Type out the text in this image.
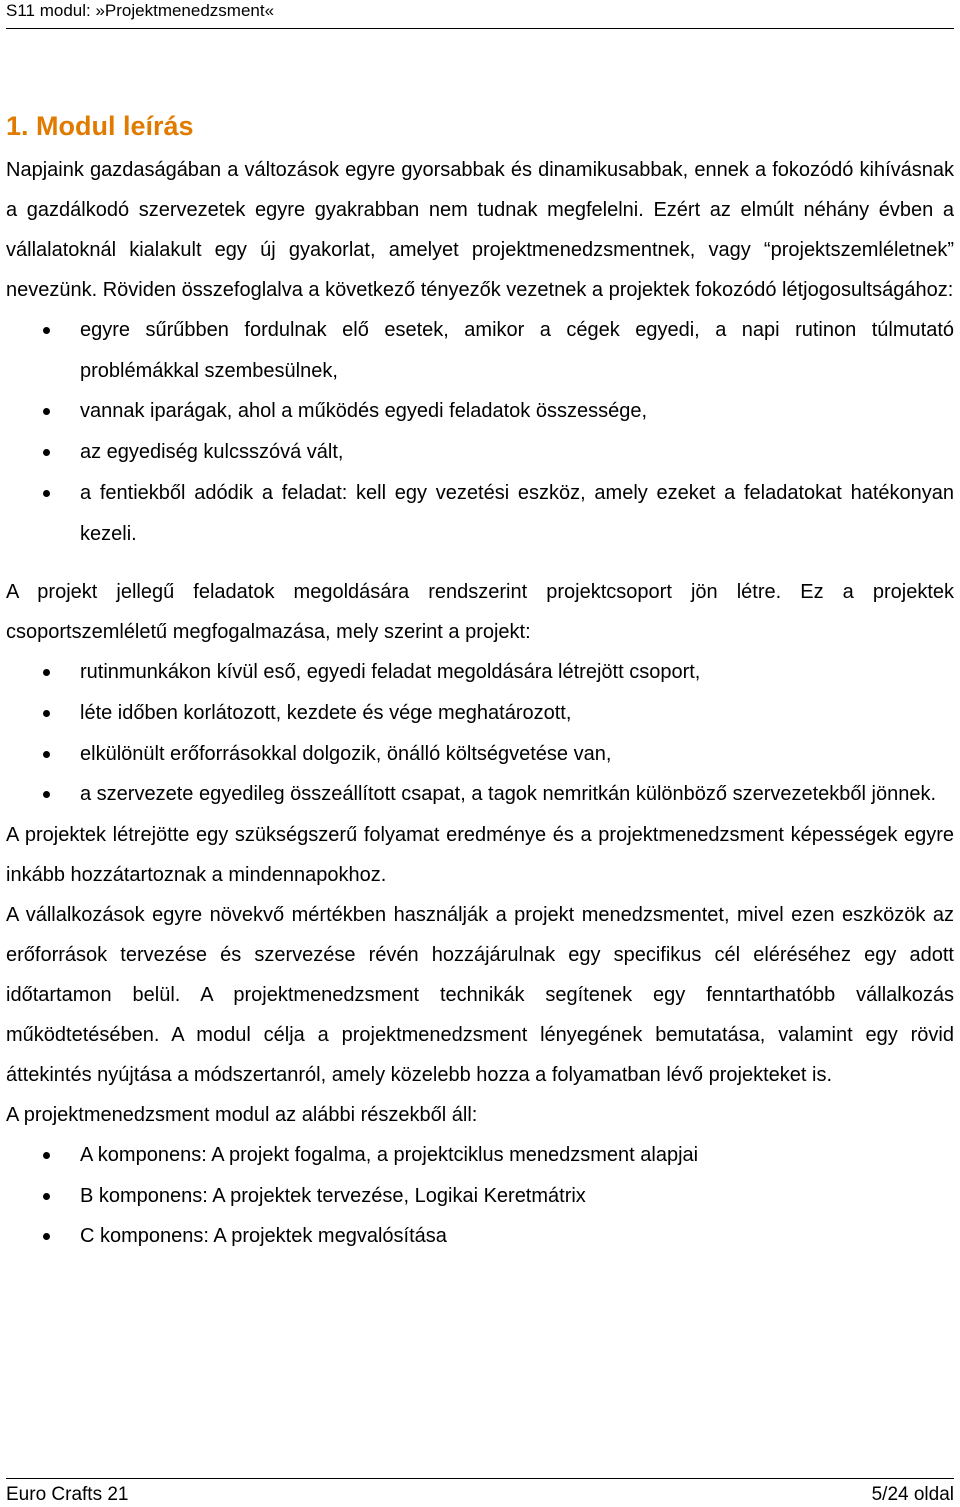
S11 modul: »Projektmenedzsment«
1. Modul leírás

Napjaink gazdaságában a változások egyre gyorsabbak és dinamikusabbak, ennek a fokozódó kihívásnak a gazdálkodó szervezetek egyre gyakrabban nem tudnak megfelelni. Ezért az elmúlt néhány évben a vállalatoknál kialakult egy új gyakorlat, amelyet projektmenedzsmentnek, vagy “projektszemléletnek” nevezünk. Röviden összefoglalva a következő tényezők vezetnek a projektek fokozódó létjogosultságához:

egyre sűrűbben fordulnak elő esetek, amikor a cégek egyedi, a napi rutinon túlmutató problémákkal szembesülnek,
vannak iparágak, ahol a működés egyedi feladatok összessége,
az egyediség kulcsszóvá vált,
a fentiekből adódik a feladat: kell egy vezetési eszköz, amely ezeket a feladatokat hatékonyan kezeli.

A projekt jellegű feladatok megoldására rendszerint projektcsoport jön létre. Ez a projektek csoportszemléletű megfogalmazása, mely szerint a projekt:

rutinmunkákon kívül eső, egyedi feladat megoldására létrejött csoport,
léte időben korlátozott, kezdete és vége meghatározott,
elkülönült erőforrásokkal dolgozik, önálló költségvetése van,
a szervezete egyedileg összeállított csapat, a tagok nemritkán különböző szervezetekből jönnek.

A projektek létrejötte egy szükségszerű folyamat eredménye és a projektmenedzsment képességek egyre inkább hozzátartoznak a mindennapokhoz.

A vállalkozások egyre növekvő mértékben használják a projekt menedzsmentet, mivel ezen eszközök az erőforrások tervezése és szervezése révén hozzájárulnak egy specifikus cél eléréséhez egy adott időtartamon belül. A projektmenedzsment technikák segítenek egy fenntarthatóbb vállalkozás működtetésében. A modul célja a projektmenedzsment lényegének bemutatása, valamint egy rövid áttekintés nyújtása a módszertanról, amely közelebb hozza a folyamatban lévő projekteket is.

A projektmenedzsment modul az alábbi részekből áll:

A komponens: A projekt fogalma, a projektciklus menedzsment alapjai
B komponens: A projektek tervezése, Logikai Keretmátrix
C komponens: A projektek megvalósítása
Euro Crafts 21	5/24 oldal
